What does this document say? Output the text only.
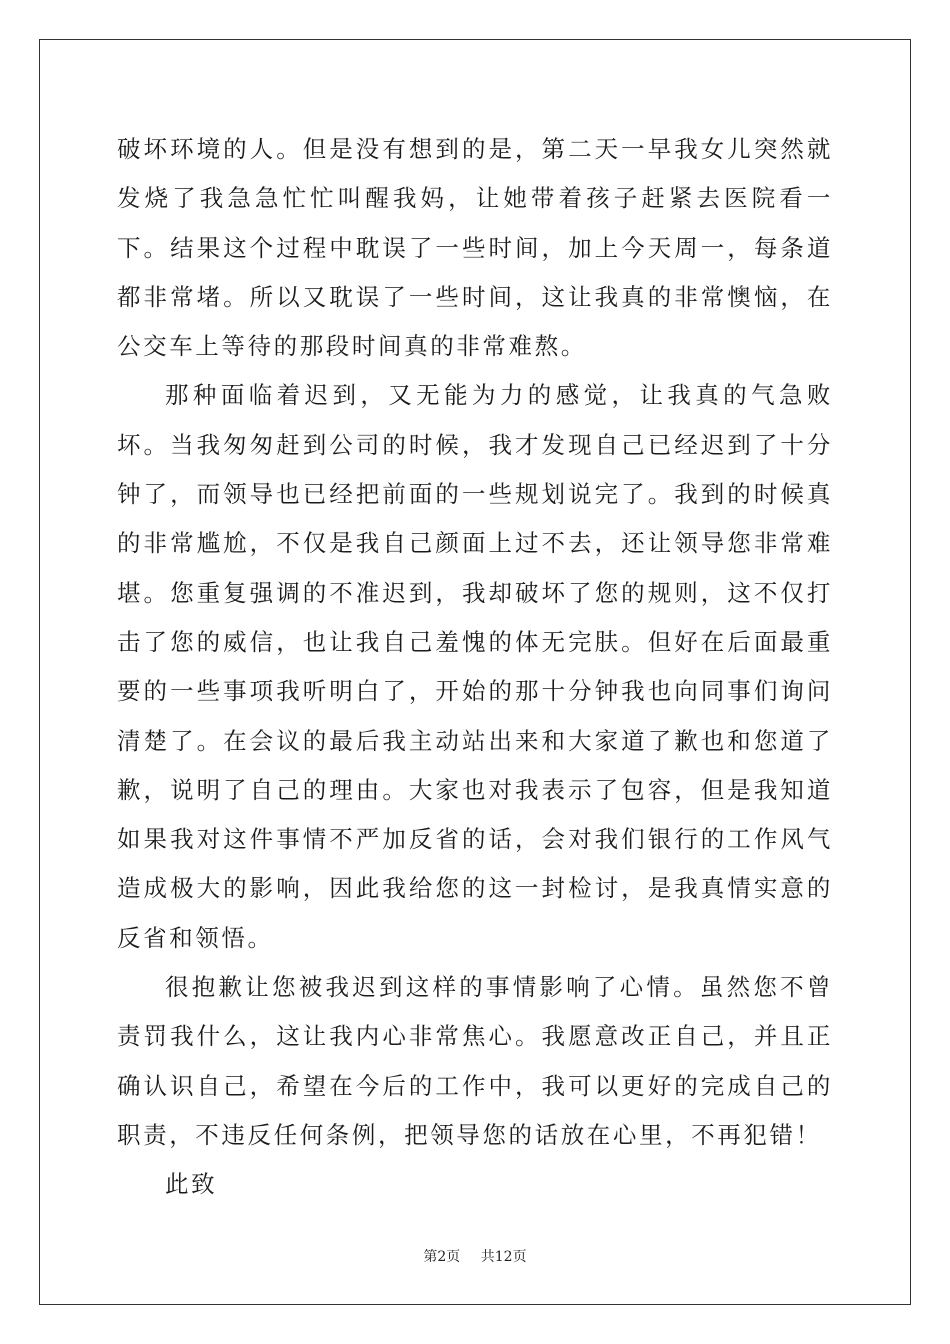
破坏环境的人。但是没有想到的是，第二天一早我女儿突然就发烧了我急急忙忙叫醒我妈，让她带着孩子赶紧去医院看一下。结果这个过程中耽误了一些时间，加上今天周一，每条道都非常堵。所以又耽误了一些时间，这让我真的非常懊恼，在公交车上等待的那段时间真的非常难熬。

那种面临着迟到，又无能为力的感觉，让我真的气急败坏。当我匆匆赶到公司的时候，我才发现自己已经迟到了十分钟了，而领导也已经把前面的一些规划说完了。我到的时候真的非常尴尬，不仅是我自己颜面上过不去，还让领导您非常难堪。您重复强调的不准迟到，我却破坏了您的规则，这不仅打击了您的威信，也让我自己羞愧的体无完肤。但好在后面最重要的一些事项我听明白了，开始的那十分钟我也向同事们询问清楚了。在会议的最后我主动站出来和大家道了歉也和您道了歉，说明了自己的理由。大家也对我表示了包容，但是我知道如果我对这件事情不严加反省的话，会对我们银行的工作风气造成极大的影响，因此我给您的这一封检讨，是我真情实意的反省和领悟。

很抱歉让您被我迟到这样的事情影响了心情。虽然您不曾责罚我什么，这让我内心非常焦心。我愿意改正自己，并且正确认识自己，希望在今后的工作中，我可以更好的完成自己的职责，不违反任何条例，把领导您的话放在心里，不再犯错！

此致

第2页 共12页
